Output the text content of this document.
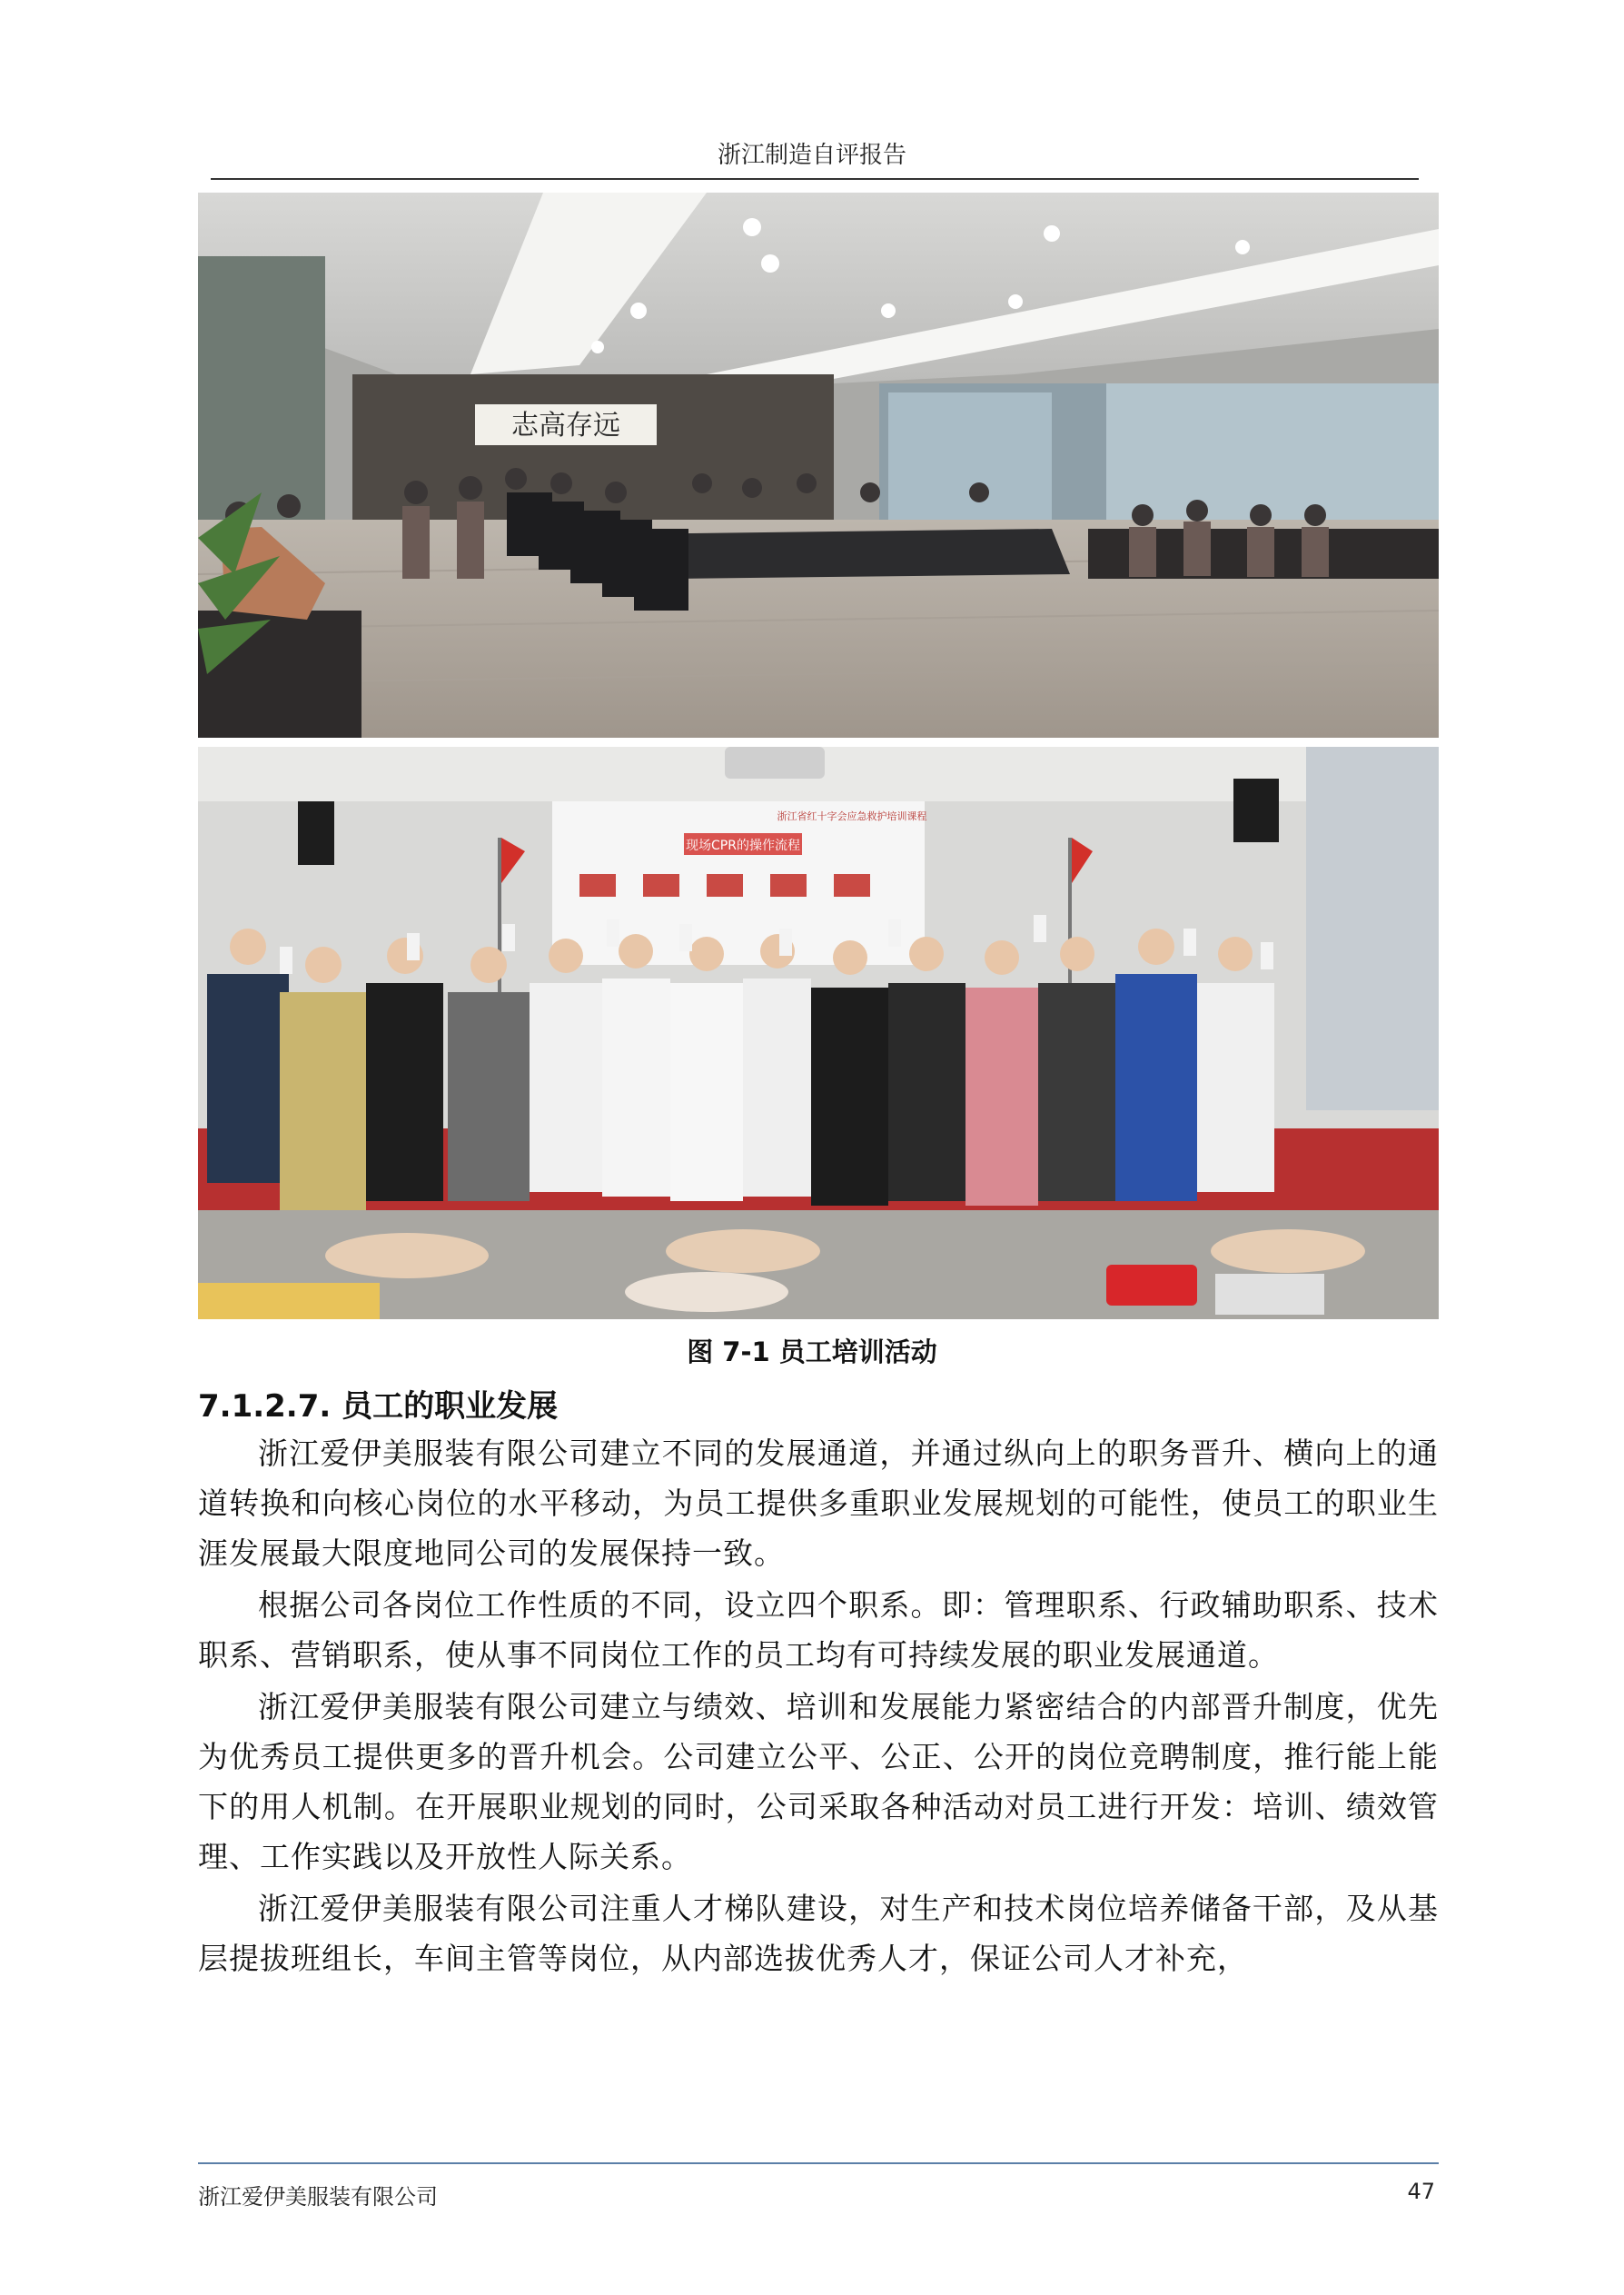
浙江制造自评报告
志高存远
浙江省红十字会应急救护培训课程
现场CPR的操作流程
图 7-1 员工培训活动
7.1.2.7. 员工的职业发展

浙江爱伊美服装有限公司建立不同的发展通道，并通过纵向上的职务晋升、横向上的通道转换和向核心岗位的水平移动，为员工提供多重职业发展规划的可能性，使员工的职业生涯发展最大限度地同公司的发展保持一致。

根据公司各岗位工作性质的不同，设立四个职系。即：管理职系、行政辅助职系、技术职系、营销职系，使从事不同岗位工作的员工均有可持续发展的职业发展通道。

浙江爱伊美服装有限公司建立与绩效、培训和发展能力紧密结合的内部晋升制度，优先为优秀员工提供更多的晋升机会。公司建立公平、公正、公开的岗位竞聘制度，推行能上能下的用人机制。在开展职业规划的同时，公司采取各种活动对员工进行开发：培训、绩效管理、工作实践以及开放性人际关系。

浙江爱伊美服装有限公司注重人才梯队建设，对生产和技术岗位培养储备干部，及从基层提拔班组长，车间主管等岗位，从内部选拔优秀人才，保证公司人才补充，

浙江爱伊美服装有限公司	47
